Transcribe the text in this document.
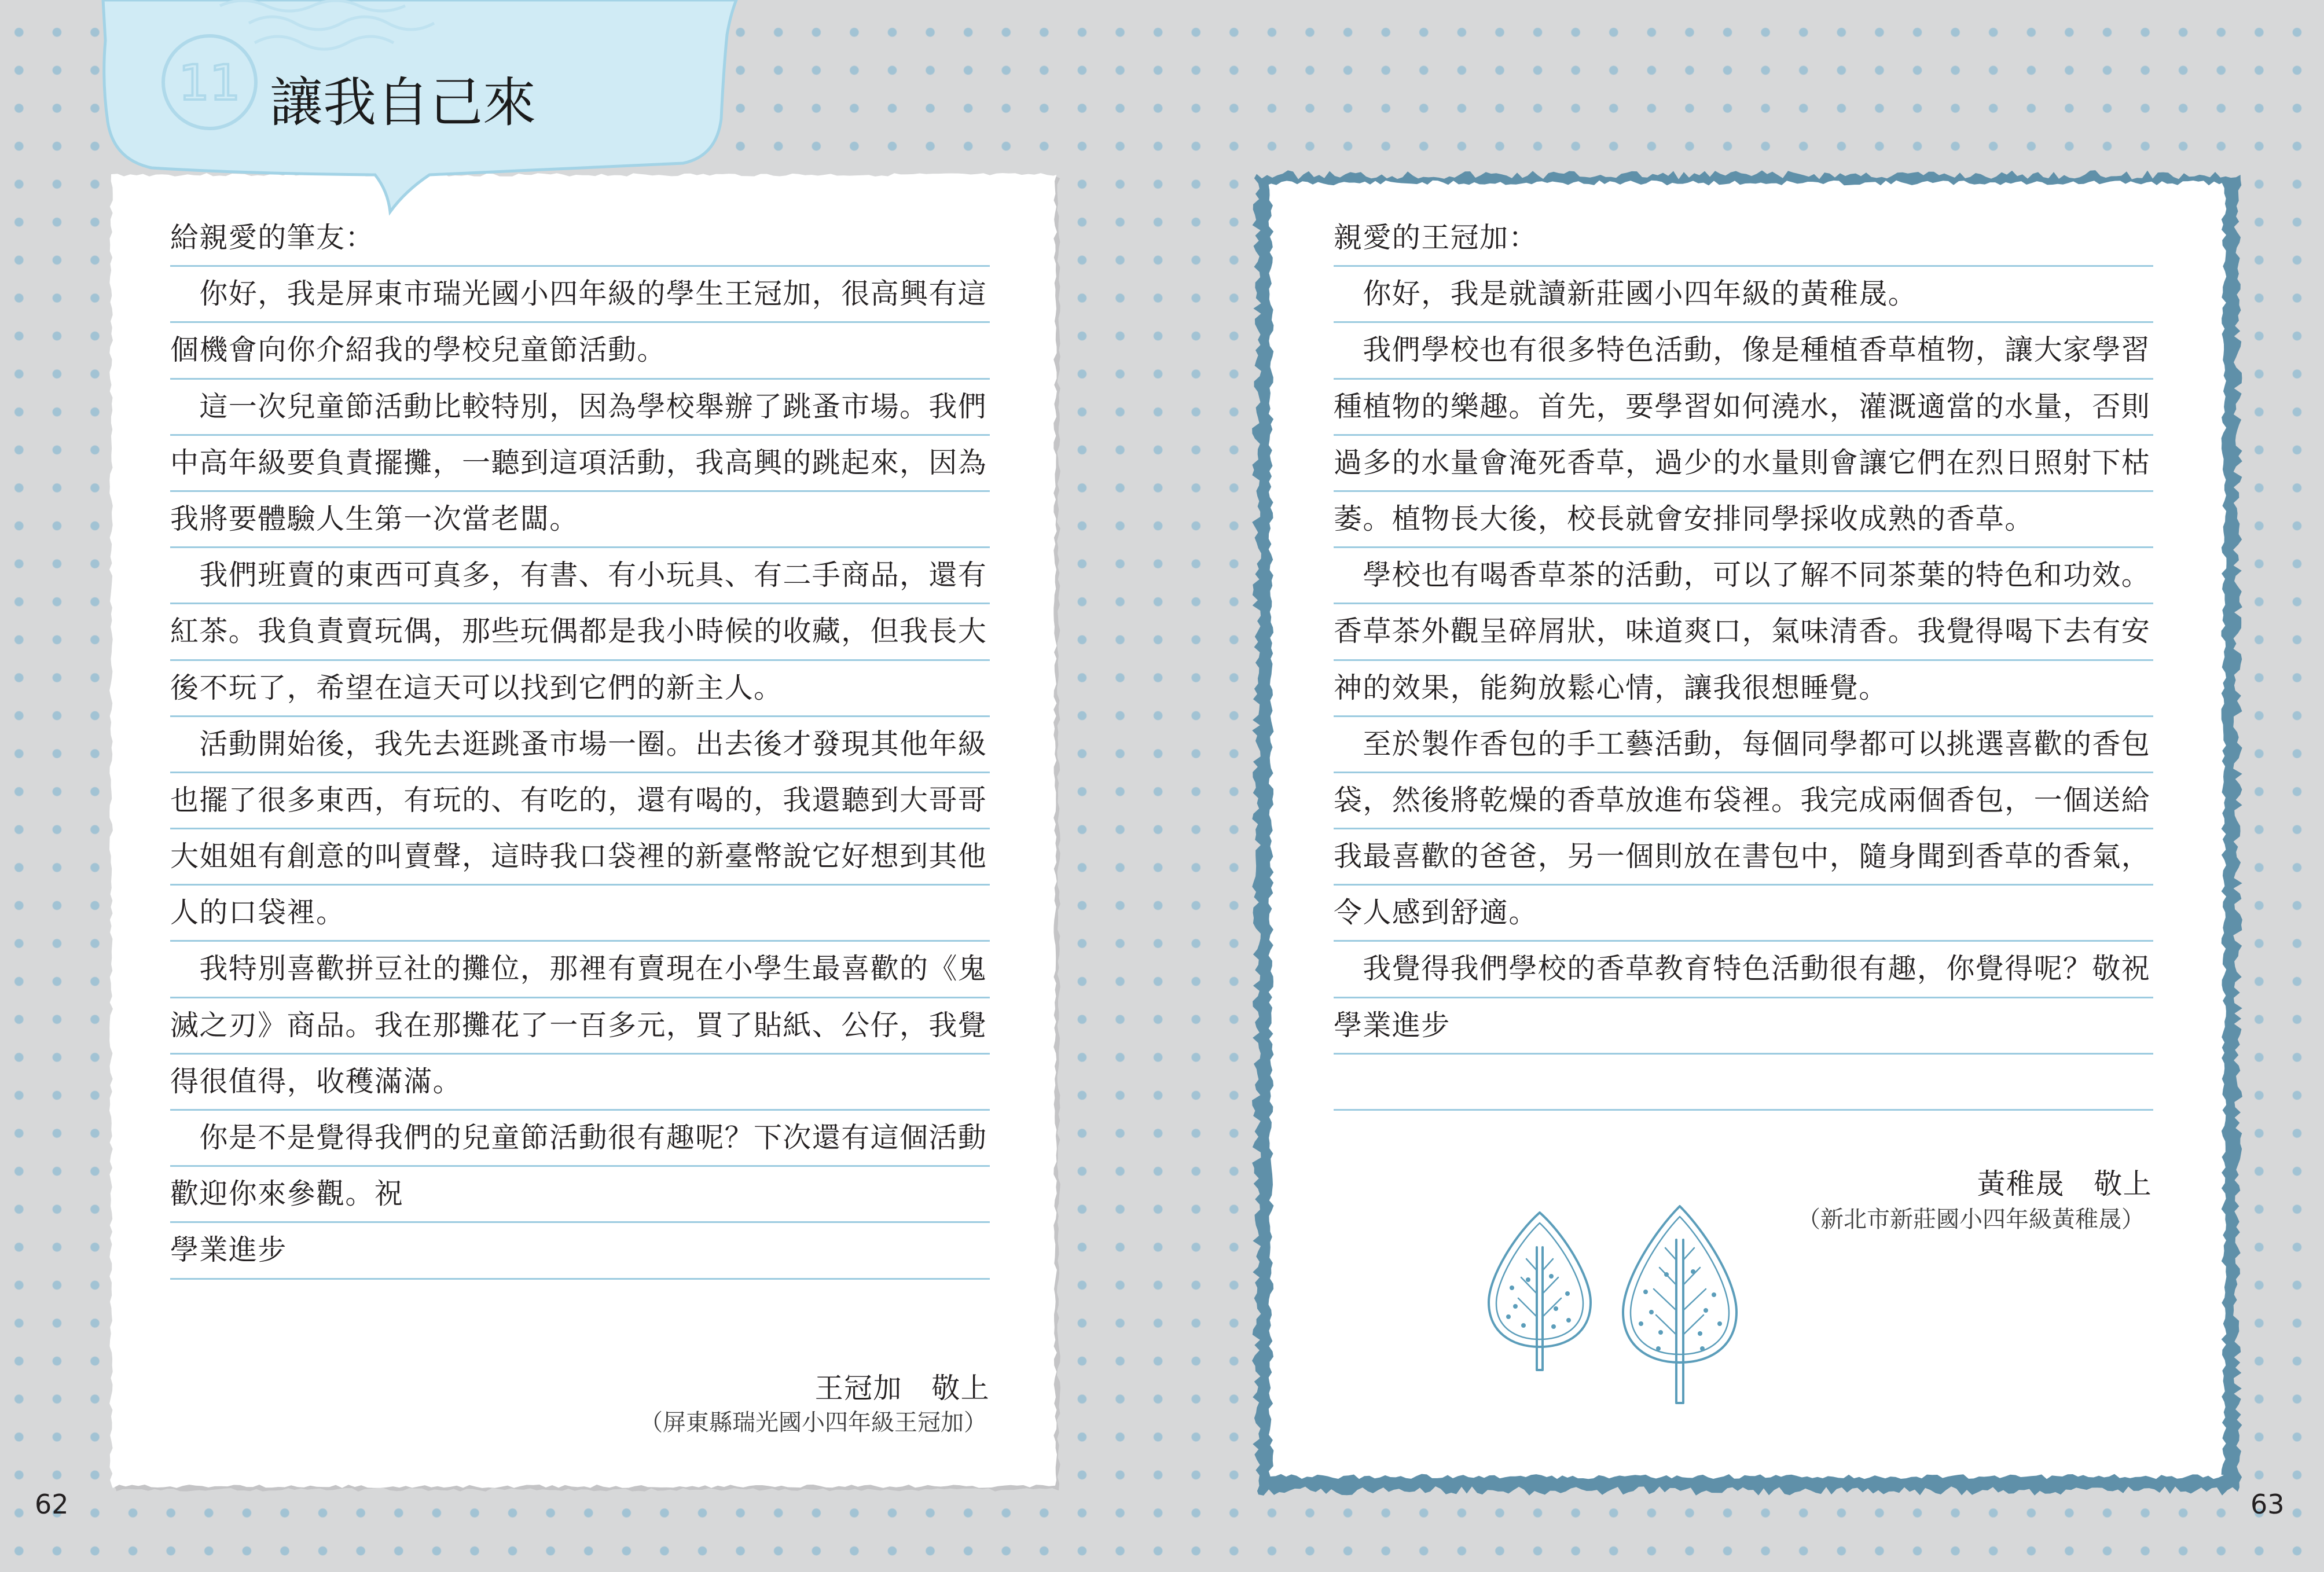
11 讓我自己來
給親愛的筆友：
你好，我是屏東市瑞光國小四年級的學生王冠加，很高興有這
個機會向你介紹我的學校兒童節活動。
這一次兒童節活動比較特別，因為學校舉辦了跳蚤市場。我們
中高年級要負責擺攤，一聽到這項活動，我高興的跳起來，因為
我將要體驗人生第一次當老闆。
我們班賣的東西可真多，有書、有小玩具、有二手商品，還有
紅茶。我負責賣玩偶，那些玩偶都是我小時候的收藏，但我長大
後不玩了，希望在這天可以找到它們的新主人。
活動開始後，我先去逛跳蚤市場一圈。出去後才發現其他年級
也擺了很多東西，有玩的、有吃的，還有喝的，我還聽到大哥哥
大姐姐有創意的叫賣聲，這時我口袋裡的新臺幣說它好想到其他
人的口袋裡。
我特別喜歡拼豆社的攤位，那裡有賣現在小學生最喜歡的《鬼
滅之刃》商品。我在那攤花了一百多元，買了貼紙、公仔，我覺
得很值得，收穫滿滿。
你是不是覺得我們的兒童節活動很有趣呢？下次還有這個活動
歡迎你來參觀。祝
學業進步
王冠加　敬上
（屏東縣瑞光國小四年級王冠加）
親愛的王冠加：
你好，我是就讀新莊國小四年級的黃稚晟。
我們學校也有很多特色活動，像是種植香草植物，讓大家學習
種植物的樂趣。首先，要學習如何澆水，灌溉適當的水量，否則
過多的水量會淹死香草，過少的水量則會讓它們在烈日照射下枯
萎。植物長大後，校長就會安排同學採收成熟的香草。
學校也有喝香草茶的活動，可以了解不同茶葉的特色和功效。
香草茶外觀呈碎屑狀，味道爽口，氣味清香。我覺得喝下去有安
神的效果，能夠放鬆心情，讓我很想睡覺。
至於製作香包的手工藝活動，每個同學都可以挑選喜歡的香包
袋，然後將乾燥的香草放進布袋裡。我完成兩個香包，一個送給
我最喜歡的爸爸，另一個則放在書包中，隨身聞到香草的香氣，
令人感到舒適。
我覺得我們學校的香草教育特色活動很有趣，你覺得呢？敬祝
學業進步
黃稚晟　敬上
（新北市新莊國小四年級黃稚晟）
62	63
